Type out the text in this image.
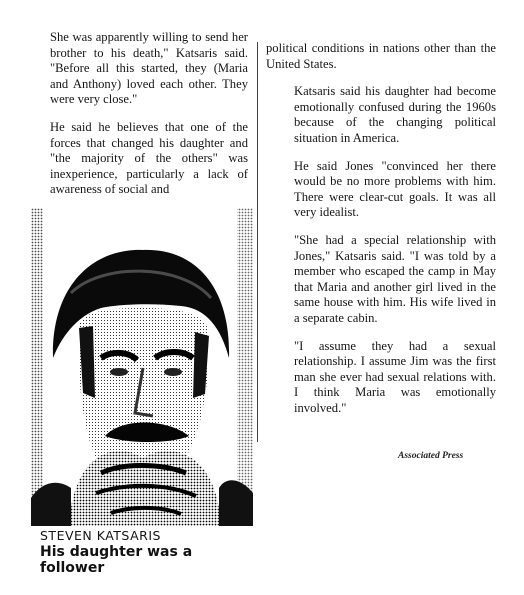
She was apparently willing to send her brother to his death," Katsaris said. "Before all this started, they (Maria and Anthony) loved each other. They were very close."

He said he believes that one of the forces that changed his daughter and "the majority of the others" was inexperience, particularly a lack of awareness of social and

political conditions in nations other than the United States.

Katsaris said his daughter had become emotionally confused during the 1960s because of the changing political situation in America.

He said Jones "convinced her there would be no more problems with him. There were clear-cut goals. It was all very idealist.

"She had a special relationship with Jones," Katsaris said. "I was told by a member who escaped the camp in May that Maria and another girl lived in the same house with him. His wife lived in a separate cabin.

"I assume they had a sexual relationship. I assume Jim was the first man she ever had sexual relations with. I think Maria was emotionally involved."

Associated Press
STEVEN KATSARIS
His daughter was a follower
